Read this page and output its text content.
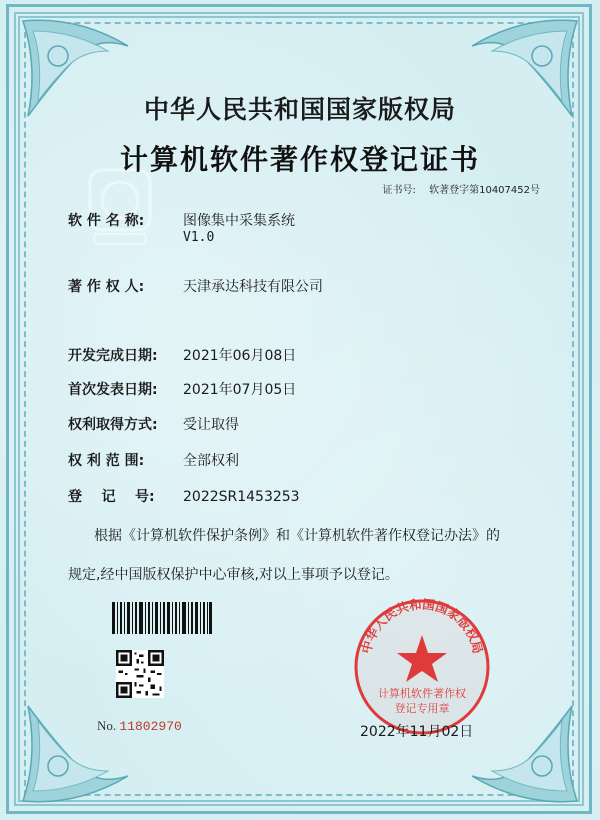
中华人民共和国国家版权局
计算机软件著作权登记证书
证书号: 软著登字第10407452号
软 件 名 称:	图像集中采集系统
V1.0
著 作 权 人:	天津承达科技有限公司
开发完成日期: 2021年06月08日
首次发表日期: 2021年07月05日
权利取得方式: 受让取得
权 利 范 围:	全部权利
登    记    号: 2022SR1453253
根据《计算机软件保护条例》和《计算机软件著作权登记办法》的
规定,经中国版权保护中心审核,对以上事项予以登记。
No. 11802970
中华人民共和国国家版权局
计算机软件著作权
登记专用章
2022年11月02日
